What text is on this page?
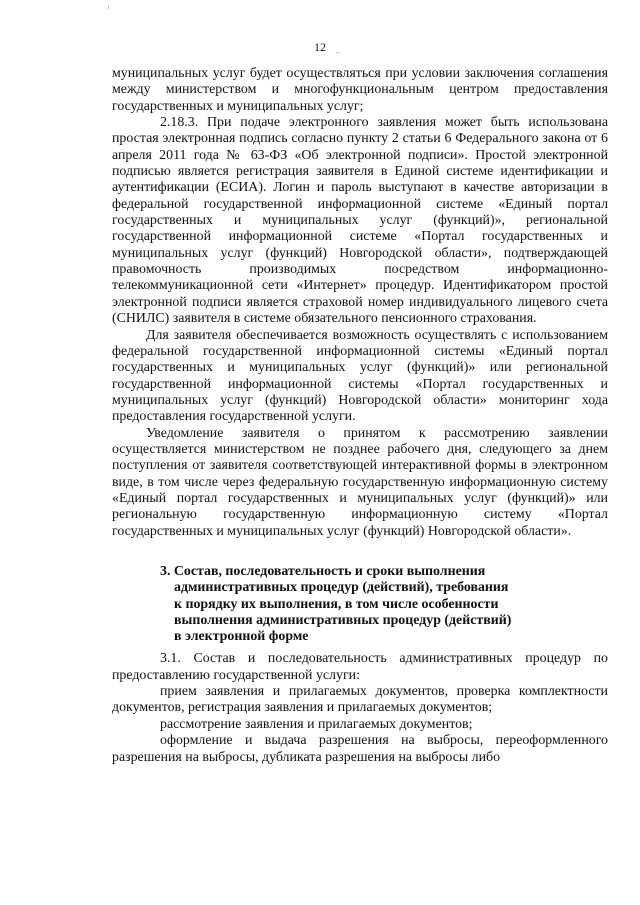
12

муниципальных услуг будет осуществляться при условии заключения соглашения между министерством и многофункциональным центром предоставления государственных и муниципальных услуг;

2.18.3. При подаче электронного заявления может быть использована простая электронная подпись согласно пункту 2 статьи 6 Федерального закона от 6 апреля 2011 года № 63-ФЗ «Об электронной подписи». Простой электронной подписью является регистрация заявителя в Единой системе идентификации и аутентификации (ЕСИА). Логин и пароль выступают в качестве авторизации в федеральной государственной информационной системе «Единый портал государственных и муниципальных услуг (функций)», региональной государственной информационной системе «Портал государственных и муниципальных услуг (функций) Новгородской области», подтверждающей правомочность производимых посредством информационно-телекоммуникационной сети «Интернет» процедур. Идентификатором простой электронной подписи является страховой номер индивидуального лицевого счета (СНИЛС) заявителя в системе обязательного пенсионного страхования.

Для заявителя обеспечивается возможность осуществлять с использованием федеральной государственной информационной системы «Единый портал государственных и муниципальных услуг (функций)» или региональной государственной информационной системы «Портал государственных и муниципальных услуг (функций) Новгородской области» мониторинг хода предоставления государственной услуги.

Уведомление заявителя о принятом к рассмотрению заявлении осуществляется министерством не позднее рабочего дня, следующего за днем поступления от заявителя соответствующей интерактивной формы в электронном виде, в том числе через федеральную государственную информационную систему «Единый портал государственных и муниципальных услуг (функций)» или региональную государственную информационную систему «Портал государственных и муниципальных услуг (функций) Новгородской области».

3. Состав, последовательность и сроки выполнения
административных процедур (действий), требования
к порядку их выполнения, в том числе особенности
выполнения административных процедур (действий)
в электронной форме

3.1. Состав и последовательность административных процедур по предоставлению государственной услуги:

прием заявления и прилагаемых документов, проверка комплектности документов, регистрация заявления и прилагаемых документов;

рассмотрение заявления и прилагаемых документов;

оформление и выдача разрешения на выбросы, переоформленного разрешения на выбросы, дубликата разрешения на выбросы либо
